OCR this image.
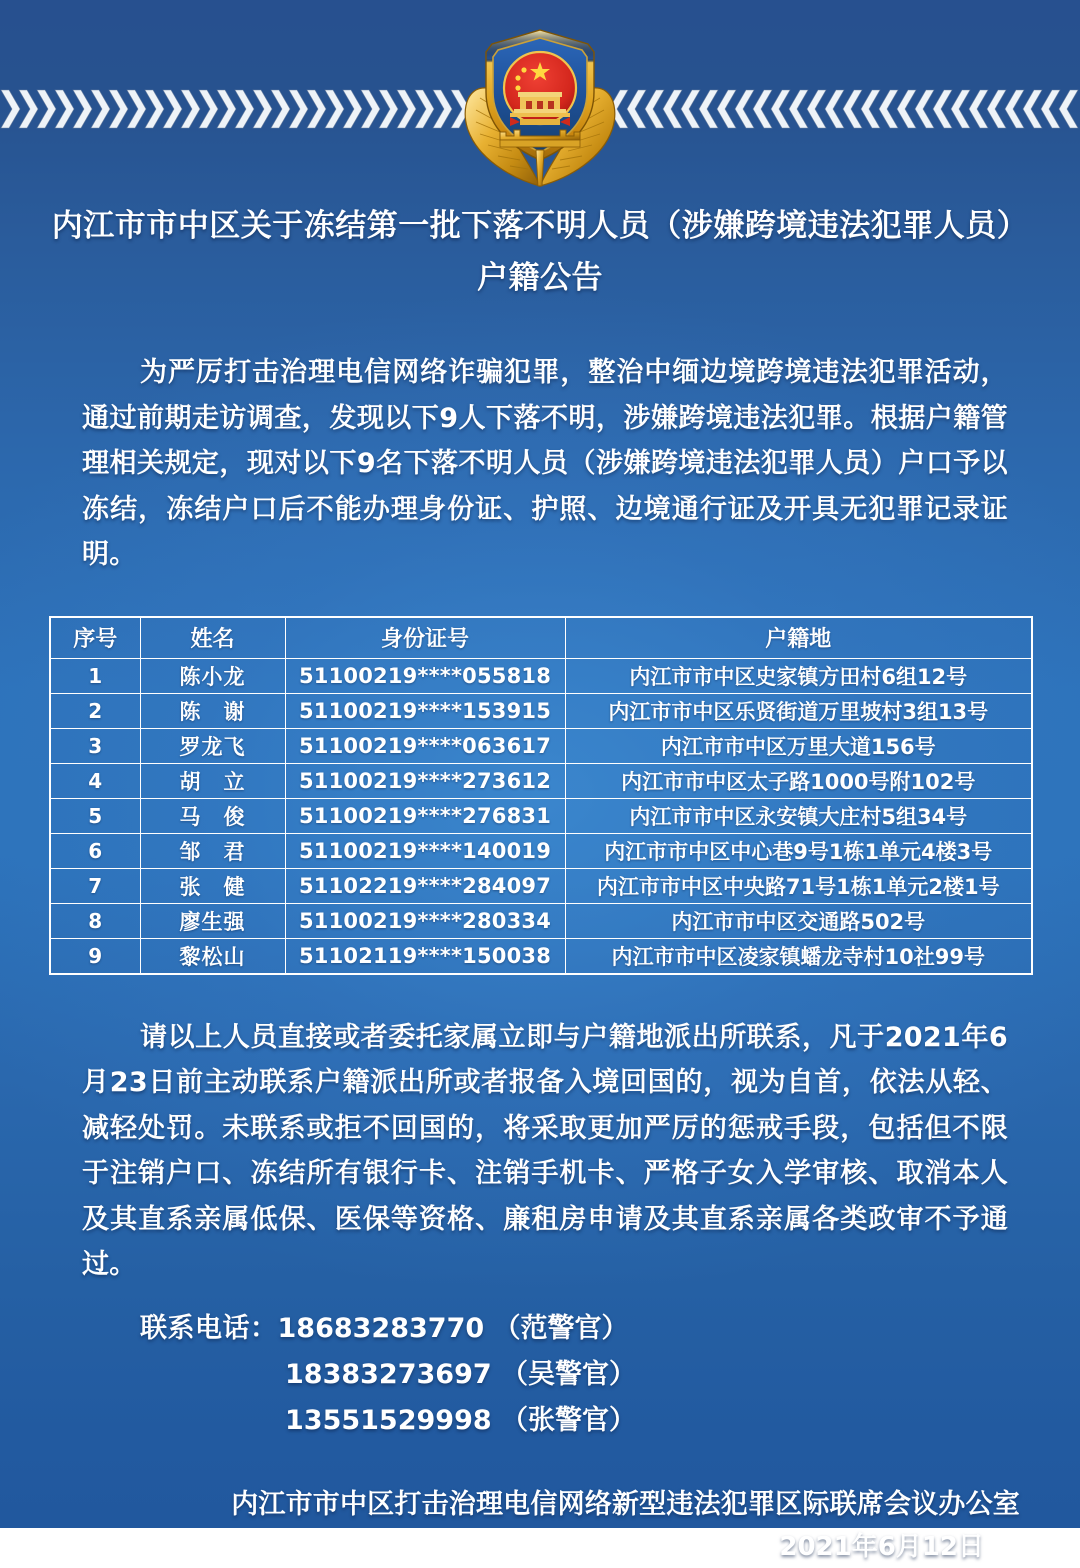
内江市市中区关于冻结第一批下落不明人员（涉嫌跨境违法犯罪人员）
户籍公告

为严厉打击治理电信网络诈骗犯罪，整治中缅边境跨境违法犯罪活动，通过前期走访调查，发现以下9人下落不明，涉嫌跨境违法犯罪。根据户籍管理相关规定，现对以下9名下落不明人员（涉嫌跨境违法犯罪人员）户口予以冻结，冻结户口后不能办理身份证、护照、边境通行证及开具无犯罪记录证明。

序号	姓名	身份证号	户籍地
1	陈小龙	51100219****055818	内江市市中区史家镇方田村6组12号
2	陈　谢	51100219****153915	内江市市中区乐贤街道万里坡村3组13号
3	罗龙飞	51100219****063617	内江市市中区万里大道156号
4	胡　立	51100219****273612	内江市市中区太子路1000号附102号
5	马　俊	51100219****276831	内江市市中区永安镇大庄村5组34号
6	邹　君	51100219****140019	内江市市中区中心巷9号1栋1单元4楼3号
7	张　健	51102219****284097	内江市市中区中央路71号1栋1单元2楼1号
8	廖生强	51100219****280334	内江市市中区交通路502号
9	黎松山	51102119****150038	内江市市中区凌家镇蟠龙寺村10社99号

请以上人员直接或者委托家属立即与户籍地派出所联系，凡于2021年6月23日前主动联系户籍派出所或者报备入境回国的，视为自首，依法从轻、减轻处罚。未联系或拒不回国的，将采取更加严厉的惩戒手段，包括但不限于注销户口、冻结所有银行卡、注销手机卡、严格子女入学审核、取消本人及其直系亲属低保、医保等资格、廉租房申请及其直系亲属各类政审不予通过。

联系电话：18683283770 （范警官）
18383273697 （吴警官）
13551529998 （张警官）
内江市市中区打击治理电信网络新型违法犯罪区际联席会议办公室
2021年6月12日
